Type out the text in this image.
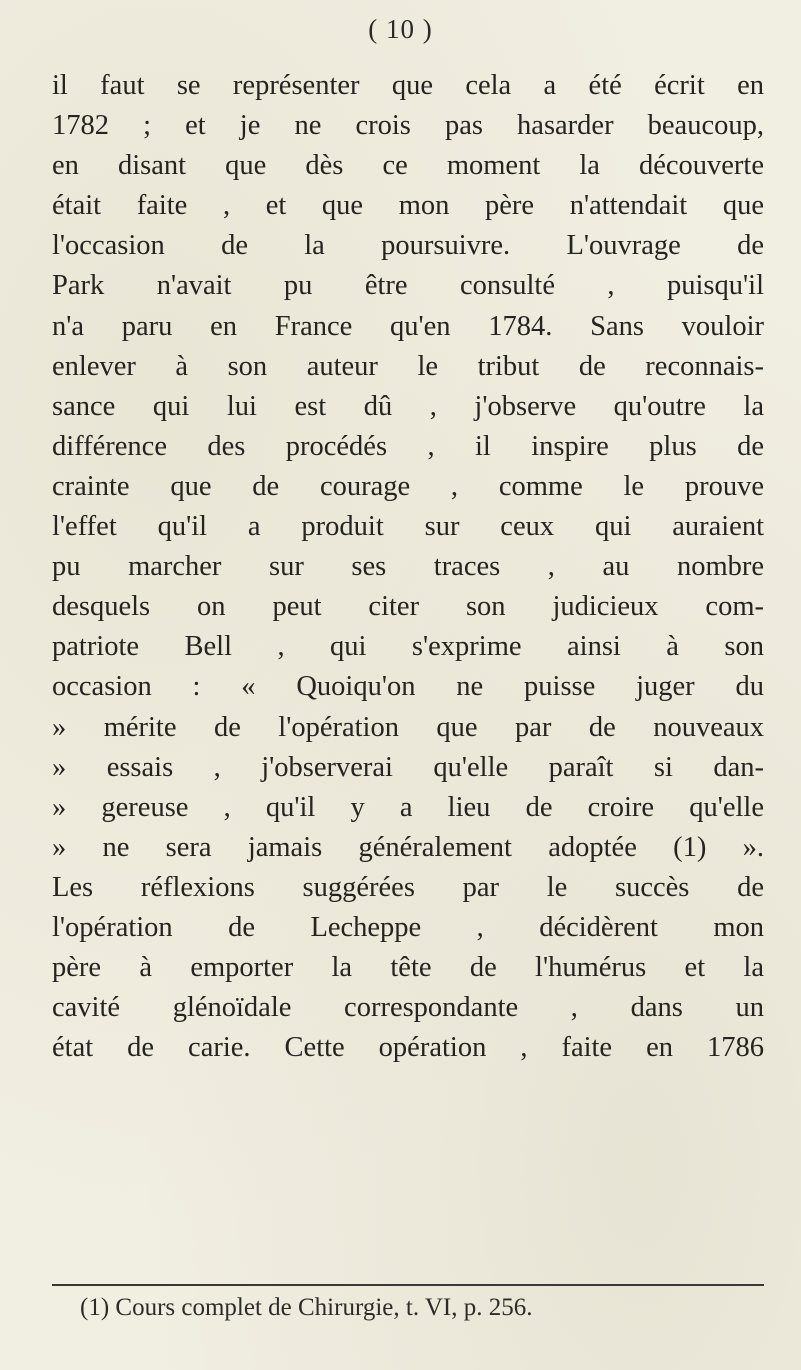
( 10 )
il faut se représenter que cela a été écrit en
1782 ; et je ne crois pas hasarder beaucoup,
en disant que dès ce moment la découverte
était faite , et que mon père n'attendait que
l'occasion de la poursuivre. L'ouvrage de
Park n'avait pu être consulté , puisqu'il
n'a paru en France qu'en 1784. Sans vouloir
enlever à son auteur le tribut de reconnais-
sance qui lui est dû , j'observe qu'outre la
différence des procédés , il inspire plus de
crainte que de courage , comme le prouve
l'effet qu'il a produit sur ceux qui auraient
pu marcher sur ses traces , au nombre
desquels on peut citer son judicieux com-
patriote Bell , qui s'exprime ainsi à son
occasion : « Quoiqu'on ne puisse juger du
» mérite de l'opération que par de nouveaux
» essais , j'observerai qu'elle paraît si dan-
» gereuse , qu'il y a lieu de croire qu'elle
» ne sera jamais généralement adoptée (1) ».
Les réflexions suggérées par le succès de
l'opération de Lecheppe , décidèrent mon
père à emporter la tête de l'humérus et la
cavité glénoïdale correspondante , dans un
état de carie. Cette opération , faite en 1786
(1) Cours complet de Chirurgie, t. VI, p. 256.
